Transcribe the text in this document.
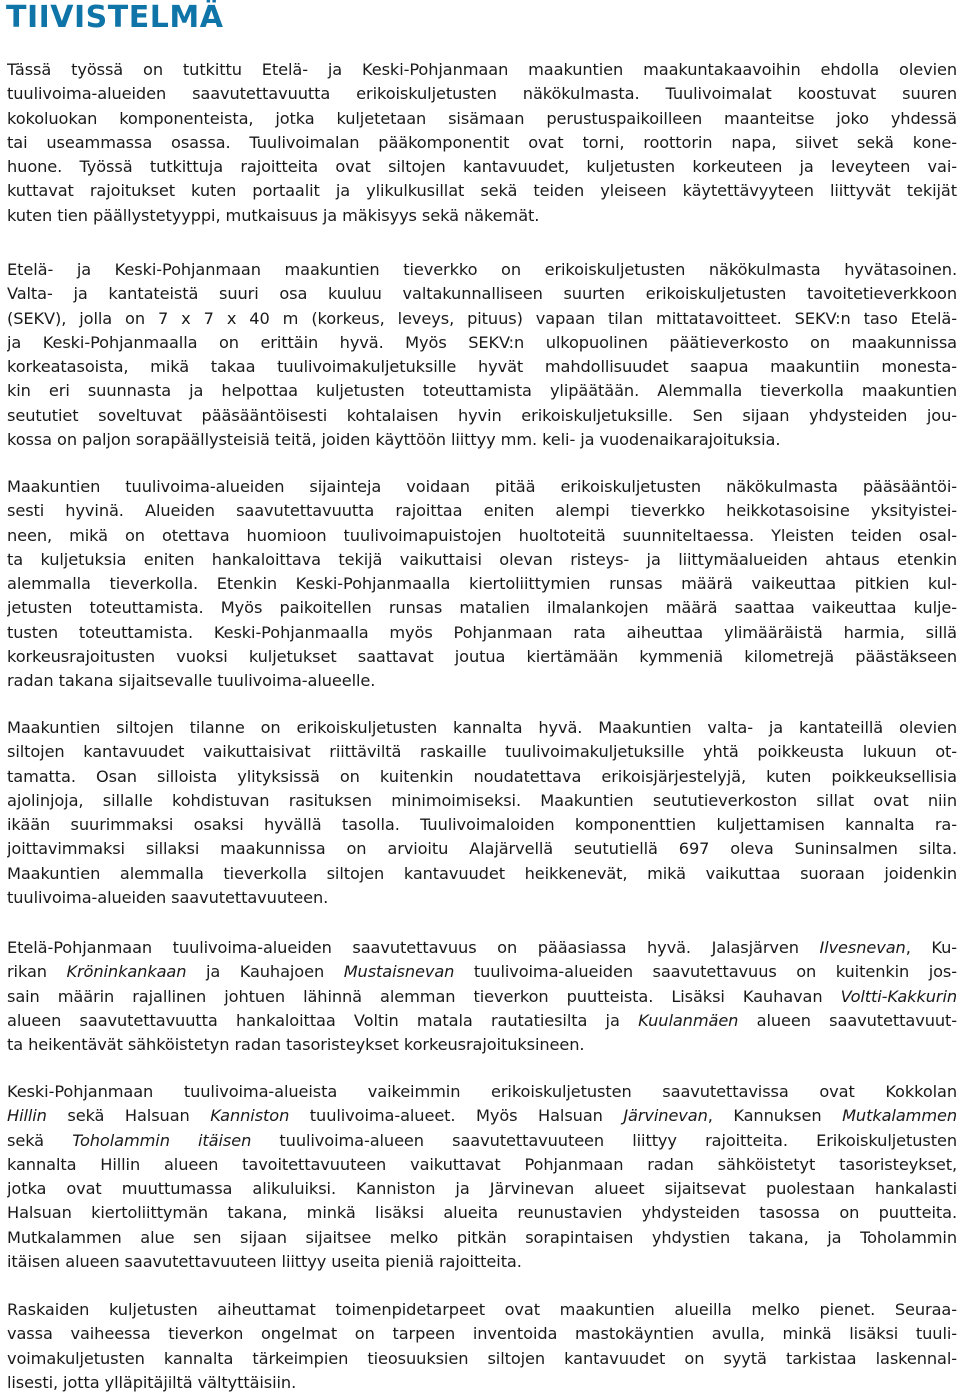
TIIVISTELMÄ
Tässä työssä on tutkittu Etelä- ja Keski-Pohjanmaan maakuntien maakuntakaavoihin ehdolla olevien
tuulivoima-alueiden saavutettavuutta erikoiskuljetusten näkökulmasta. Tuulivoimalat koostuvat suuren
kokoluokan komponenteista, jotka kuljetetaan sisämaan perustuspaikoilleen maanteitse joko yhdessä
tai useammassa osassa. Tuulivoimalan pääkomponentit ovat torni, roottorin napa, siivet sekä kone-
huone. Työssä tutkittuja rajoitteita ovat siltojen kantavuudet, kuljetusten korkeuteen ja leveyteen vai-
kuttavat rajoitukset kuten portaalit ja ylikulkusillat sekä teiden yleiseen käytettävyyteen liittyvät tekijät
kuten tien päällystetyyppi, mutkaisuus ja mäkisyys sekä näkemät.
Etelä- ja Keski-Pohjanmaan maakuntien tieverkko on erikoiskuljetusten näkökulmasta hyvätasoinen.
Valta- ja kantateistä suuri osa kuuluu valtakunnalliseen suurten erikoiskuljetusten tavoitetieverkkoon
(SEKV), jolla on 7 x 7 x 40 m (korkeus, leveys, pituus) vapaan tilan mittatavoitteet. SEKV:n taso Etelä-
ja Keski-Pohjanmaalla on erittäin hyvä. Myös SEKV:n ulkopuolinen päätieverkosto on maakunnissa
korkeatasoista, mikä takaa tuulivoimakuljetuksille hyvät mahdollisuudet saapua maakuntiin monesta-
kin eri suunnasta ja helpottaa kuljetusten toteuttamista ylipäätään. Alemmalla tieverkolla maakuntien
seututiet soveltuvat pääsääntöisesti kohtalaisen hyvin erikoiskuljetuksille. Sen sijaan yhdysteiden jou-
kossa on paljon sorapäällysteisiä teitä, joiden käyttöön liittyy mm. keli- ja vuodenaikarajoituksia.
Maakuntien tuulivoima-alueiden sijainteja voidaan pitää erikoiskuljetusten näkökulmasta pääsääntöi-
sesti hyvinä. Alueiden saavutettavuutta rajoittaa eniten alempi tieverkko heikkotasoisine yksityistei-
neen, mikä on otettava huomioon tuulivoimapuistojen huoltoteitä suunniteltaessa. Yleisten teiden osal-
ta kuljetuksia eniten hankaloittava tekijä vaikuttaisi olevan risteys- ja liittymäalueiden ahtaus etenkin
alemmalla tieverkolla. Etenkin Keski-Pohjanmaalla kiertoliittymien runsas määrä vaikeuttaa pitkien kul-
jetusten toteuttamista. Myös paikoitellen runsas matalien ilmalankojen määrä saattaa vaikeuttaa kulje-
tusten toteuttamista. Keski-Pohjanmaalla myös Pohjanmaan rata aiheuttaa ylimääräistä harmia, sillä
korkeusrajoitusten vuoksi kuljetukset saattavat joutua kiertämään kymmeniä kilometrejä päästäkseen
radan takana sijaitsevalle tuulivoima-alueelle.
Maakuntien siltojen tilanne on erikoiskuljetusten kannalta hyvä. Maakuntien valta- ja kantateillä olevien
siltojen kantavuudet vaikuttaisivat riittäviltä raskaille tuulivoimakuljetuksille yhtä poikkeusta lukuun ot-
tamatta. Osan silloista ylityksissä on kuitenkin noudatettava erikoisjärjestelyjä, kuten poikkeuksellisia
ajolinjoja, sillalle kohdistuvan rasituksen minimoimiseksi. Maakuntien seututieverkoston sillat ovat niin
ikään suurimmaksi osaksi hyvällä tasolla. Tuulivoimaloiden komponenttien kuljettamisen kannalta ra-
joittavimmaksi sillaksi maakunnissa on arvioitu Alajärvellä seututiellä 697 oleva Suninsalmen silta.
Maakuntien alemmalla tieverkolla siltojen kantavuudet heikkenevät, mikä vaikuttaa suoraan joidenkin
tuulivoima-alueiden saavutettavuuteen.
Etelä-Pohjanmaan tuulivoima-alueiden saavutettavuus on pääasiassa hyvä. Jalasjärven Ilvesnevan, Ku-
rikan Kröninkankaan ja Kauhajoen Mustaisnevan tuulivoima-alueiden saavutettavuus on kuitenkin jos-
sain määrin rajallinen johtuen lähinnä alemman tieverkon puutteista. Lisäksi Kauhavan Voltti-Kakkurin
alueen saavutettavuutta hankaloittaa Voltin matala rautatiesilta ja Kuulanmäen alueen saavutettavuut-
ta heikentävät sähköistetyn radan tasoristeykset korkeusrajoituksineen.
Keski-Pohjanmaan tuulivoima-alueista vaikeimmin erikoiskuljetusten saavutettavissa ovat Kokkolan
Hillin sekä Halsuan Kanniston tuulivoima-alueet. Myös Halsuan Järvinevan, Kannuksen Mutkalammen
sekä Toholammin itäisen tuulivoima-alueen saavutettavuuteen liittyy rajoitteita. Erikoiskuljetusten
kannalta Hillin alueen tavoitettavuuteen vaikuttavat Pohjanmaan radan sähköistetyt tasoristeykset,
jotka ovat muuttumassa alikuluiksi. Kanniston ja Järvinevan alueet sijaitsevat puolestaan hankalasti
Halsuan kiertoliittymän takana, minkä lisäksi alueita reunustavien yhdysteiden tasossa on puutteita.
Mutkalammen alue sen sijaan sijaitsee melko pitkän sorapintaisen yhdystien takana, ja Toholammin
itäisen alueen saavutettavuuteen liittyy useita pieniä rajoitteita.
Raskaiden kuljetusten aiheuttamat toimenpidetarpeet ovat maakuntien alueilla melko pienet. Seuraa-
vassa vaiheessa tieverkon ongelmat on tarpeen inventoida mastokäyntien avulla, minkä lisäksi tuuli-
voimakuljetusten kannalta tärkeimpien tieosuuksien siltojen kantavuudet on syytä tarkistaa laskennal-
lisesti, jotta ylläpitäjiltä vältyttäisiin.
